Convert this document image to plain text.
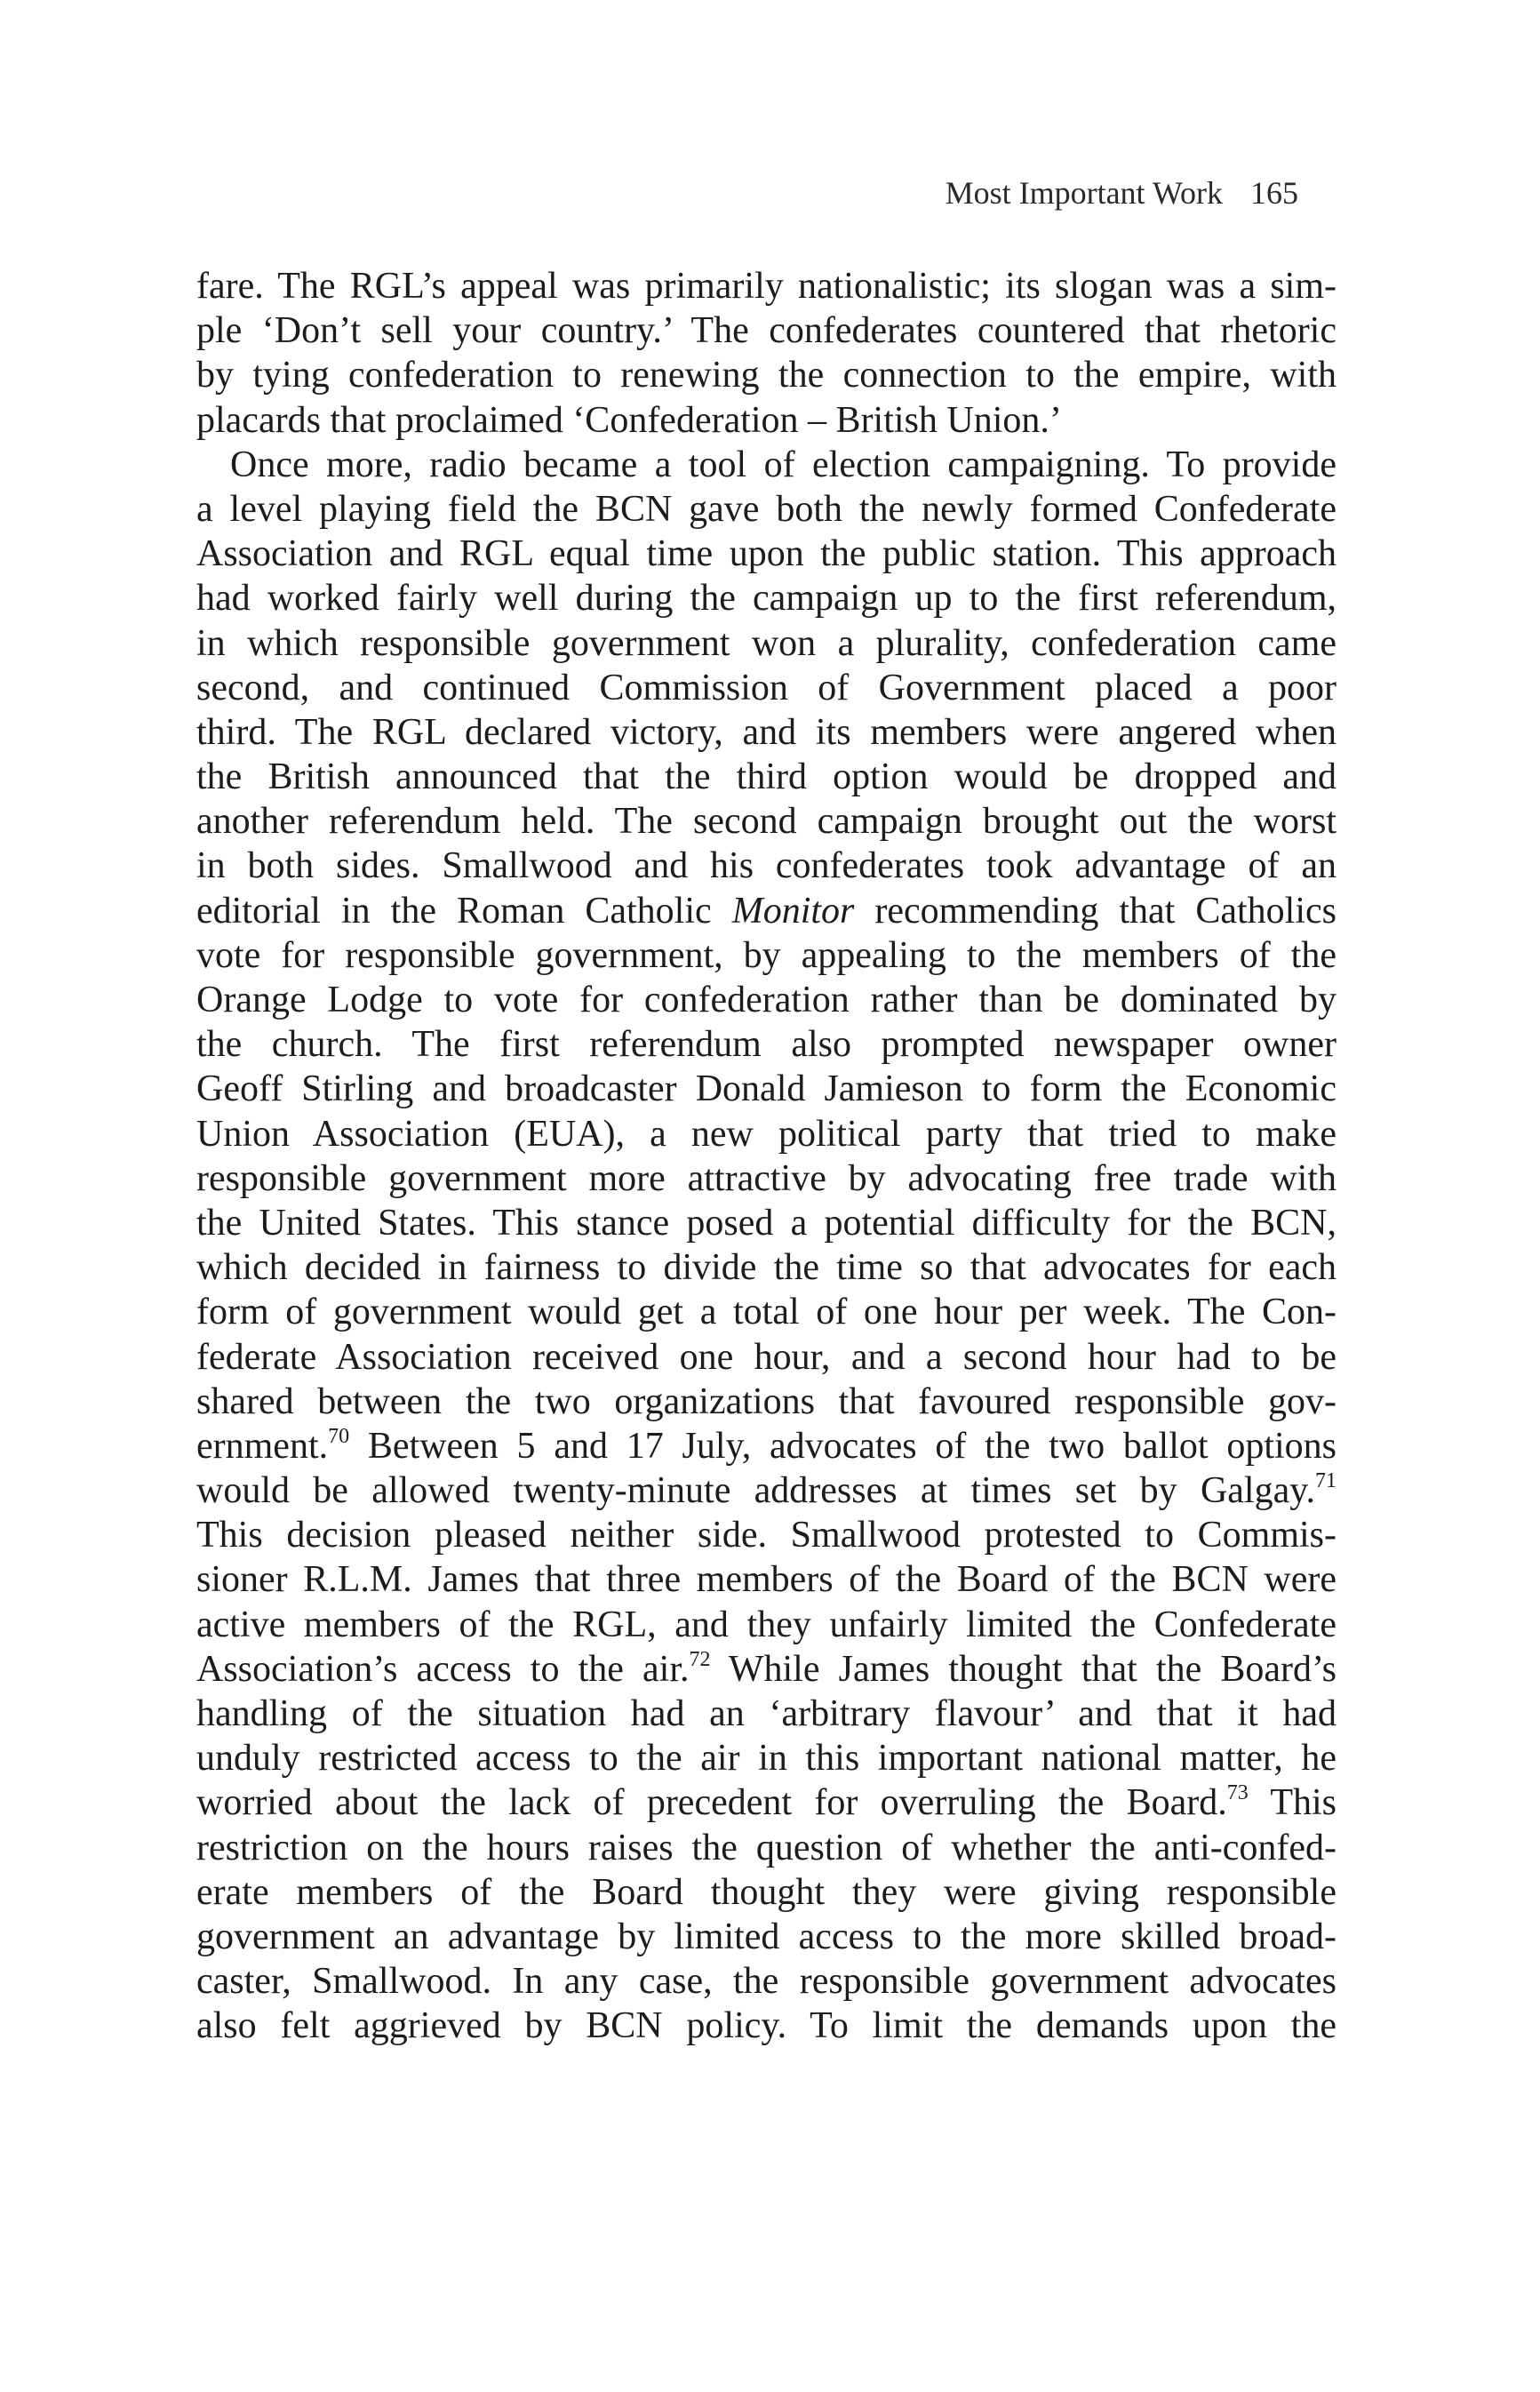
Most Important Work 165
fare. The RGL’s appeal was primarily nationalistic; its slogan was a sim-
ple ‘Don’t sell your country.’ The confederates countered that rhetoric
by tying confederation to renewing the connection to the empire, with
placards that proclaimed ‘Confederation – British Union.’
Once more, radio became a tool of election campaigning. To provide
a level playing field the BCN gave both the newly formed Confederate
Association and RGL equal time upon the public station. This approach
had worked fairly well during the campaign up to the first referendum,
in which responsible government won a plurality, confederation came
second, and continued Commission of Government placed a poor
third. The RGL declared victory, and its members were angered when
the British announced that the third option would be dropped and
another referendum held. The second campaign brought out the worst
in both sides. Smallwood and his confederates took advantage of an
editorial in the Roman Catholic Monitor recommending that Catholics
vote for responsible government, by appealing to the members of the
Orange Lodge to vote for confederation rather than be dominated by
the church. The first referendum also prompted newspaper owner
Geoff Stirling and broadcaster Donald Jamieson to form the Economic
Union Association (EUA), a new political party that tried to make
responsible government more attractive by advocating free trade with
the United States. This stance posed a potential difficulty for the BCN,
which decided in fairness to divide the time so that advocates for each
form of government would get a total of one hour per week. The Con-
federate Association received one hour, and a second hour had to be
shared between the two organizations that favoured responsible gov-
ernment.$^{70}$ Between 5 and 17 July, advocates of the two ballot options
would be allowed twenty-minute addresses at times set by Galgay.$^{71}$
This decision pleased neither side. Smallwood protested to Commis-
sioner R.L.M. James that three members of the Board of the BCN were
active members of the RGL, and they unfairly limited the Confederate
Association’s access to the air.$^{72}$ While James thought that the Board’s
handling of the situation had an ‘arbitrary flavour’ and that it had
unduly restricted access to the air in this important national matter, he
worried about the lack of precedent for overruling the Board.$^{73}$ This
restriction on the hours raises the question of whether the anti-confed-
erate members of the Board thought they were giving responsible
government an advantage by limited access to the more skilled broad-
caster, Smallwood. In any case, the responsible government advocates
also felt aggrieved by BCN policy. To limit the demands upon the
